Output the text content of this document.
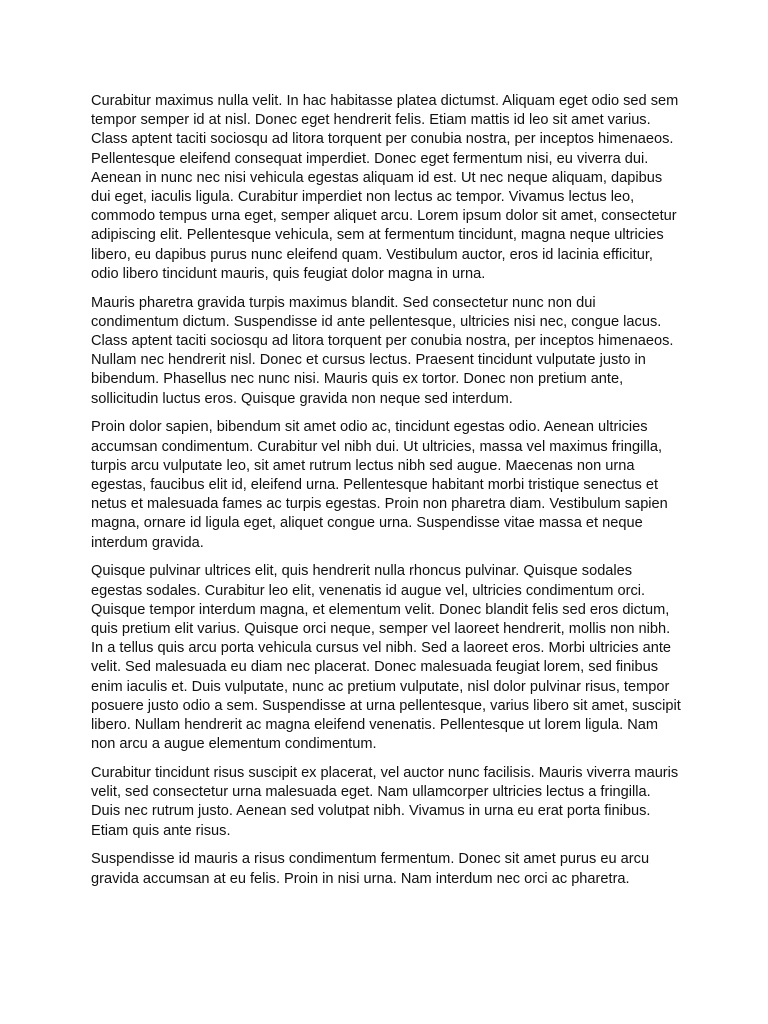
Curabitur maximus nulla velit. In hac habitasse platea dictumst. Aliquam eget odio sed sem tempor semper id at nisl. Donec eget hendrerit felis. Etiam mattis id leo sit amet varius. Class aptent taciti sociosqu ad litora torquent per conubia nostra, per inceptos himenaeos. Pellentesque eleifend consequat imperdiet. Donec eget fermentum nisi, eu viverra dui. Aenean in nunc nec nisi vehicula egestas aliquam id est. Ut nec neque aliquam, dapibus dui eget, iaculis ligula. Curabitur imperdiet non lectus ac tempor. Vivamus lectus leo, commodo tempus urna eget, semper aliquet arcu. Lorem ipsum dolor sit amet, consectetur adipiscing elit. Pellentesque vehicula, sem at fermentum tincidunt, magna neque ultricies libero, eu dapibus purus nunc eleifend quam. Vestibulum auctor, eros id lacinia efficitur, odio libero tincidunt mauris, quis feugiat dolor magna in urna.

Mauris pharetra gravida turpis maximus blandit. Sed consectetur nunc non dui condimentum dictum. Suspendisse id ante pellentesque, ultricies nisi nec, congue lacus. Class aptent taciti sociosqu ad litora torquent per conubia nostra, per inceptos himenaeos. Nullam nec hendrerit nisl. Donec et cursus lectus. Praesent tincidunt vulputate justo in bibendum. Phasellus nec nunc nisi. Mauris quis ex tortor. Donec non pretium ante, sollicitudin luctus eros. Quisque gravida non neque sed interdum.

Proin dolor sapien, bibendum sit amet odio ac, tincidunt egestas odio. Aenean ultricies accumsan condimentum. Curabitur vel nibh dui. Ut ultricies, massa vel maximus fringilla, turpis arcu vulputate leo, sit amet rutrum lectus nibh sed augue. Maecenas non urna egestas, faucibus elit id, eleifend urna. Pellentesque habitant morbi tristique senectus et netus et malesuada fames ac turpis egestas. Proin non pharetra diam. Vestibulum sapien magna, ornare id ligula eget, aliquet congue urna. Suspendisse vitae massa et neque interdum gravida.

Quisque pulvinar ultrices elit, quis hendrerit nulla rhoncus pulvinar. Quisque sodales egestas sodales. Curabitur leo elit, venenatis id augue vel, ultricies condimentum orci. Quisque tempor interdum magna, et elementum velit. Donec blandit felis sed eros dictum, quis pretium elit varius. Quisque orci neque, semper vel laoreet hendrerit, mollis non nibh. In a tellus quis arcu porta vehicula cursus vel nibh. Sed a laoreet eros. Morbi ultricies ante velit. Sed malesuada eu diam nec placerat. Donec malesuada feugiat lorem, sed finibus enim iaculis et. Duis vulputate, nunc ac pretium vulputate, nisl dolor pulvinar risus, tempor posuere justo odio a sem. Suspendisse at urna pellentesque, varius libero sit amet, suscipit libero. Nullam hendrerit ac magna eleifend venenatis. Pellentesque ut lorem ligula. Nam non arcu a augue elementum condimentum.

Curabitur tincidunt risus suscipit ex placerat, vel auctor nunc facilisis. Mauris viverra mauris velit, sed consectetur urna malesuada eget. Nam ullamcorper ultricies lectus a fringilla. Duis nec rutrum justo. Aenean sed volutpat nibh. Vivamus in urna eu erat porta finibus. Etiam quis ante risus.

Suspendisse id mauris a risus condimentum fermentum. Donec sit amet purus eu arcu gravida accumsan at eu felis. Proin in nisi urna. Nam interdum nec orci ac pharetra.
